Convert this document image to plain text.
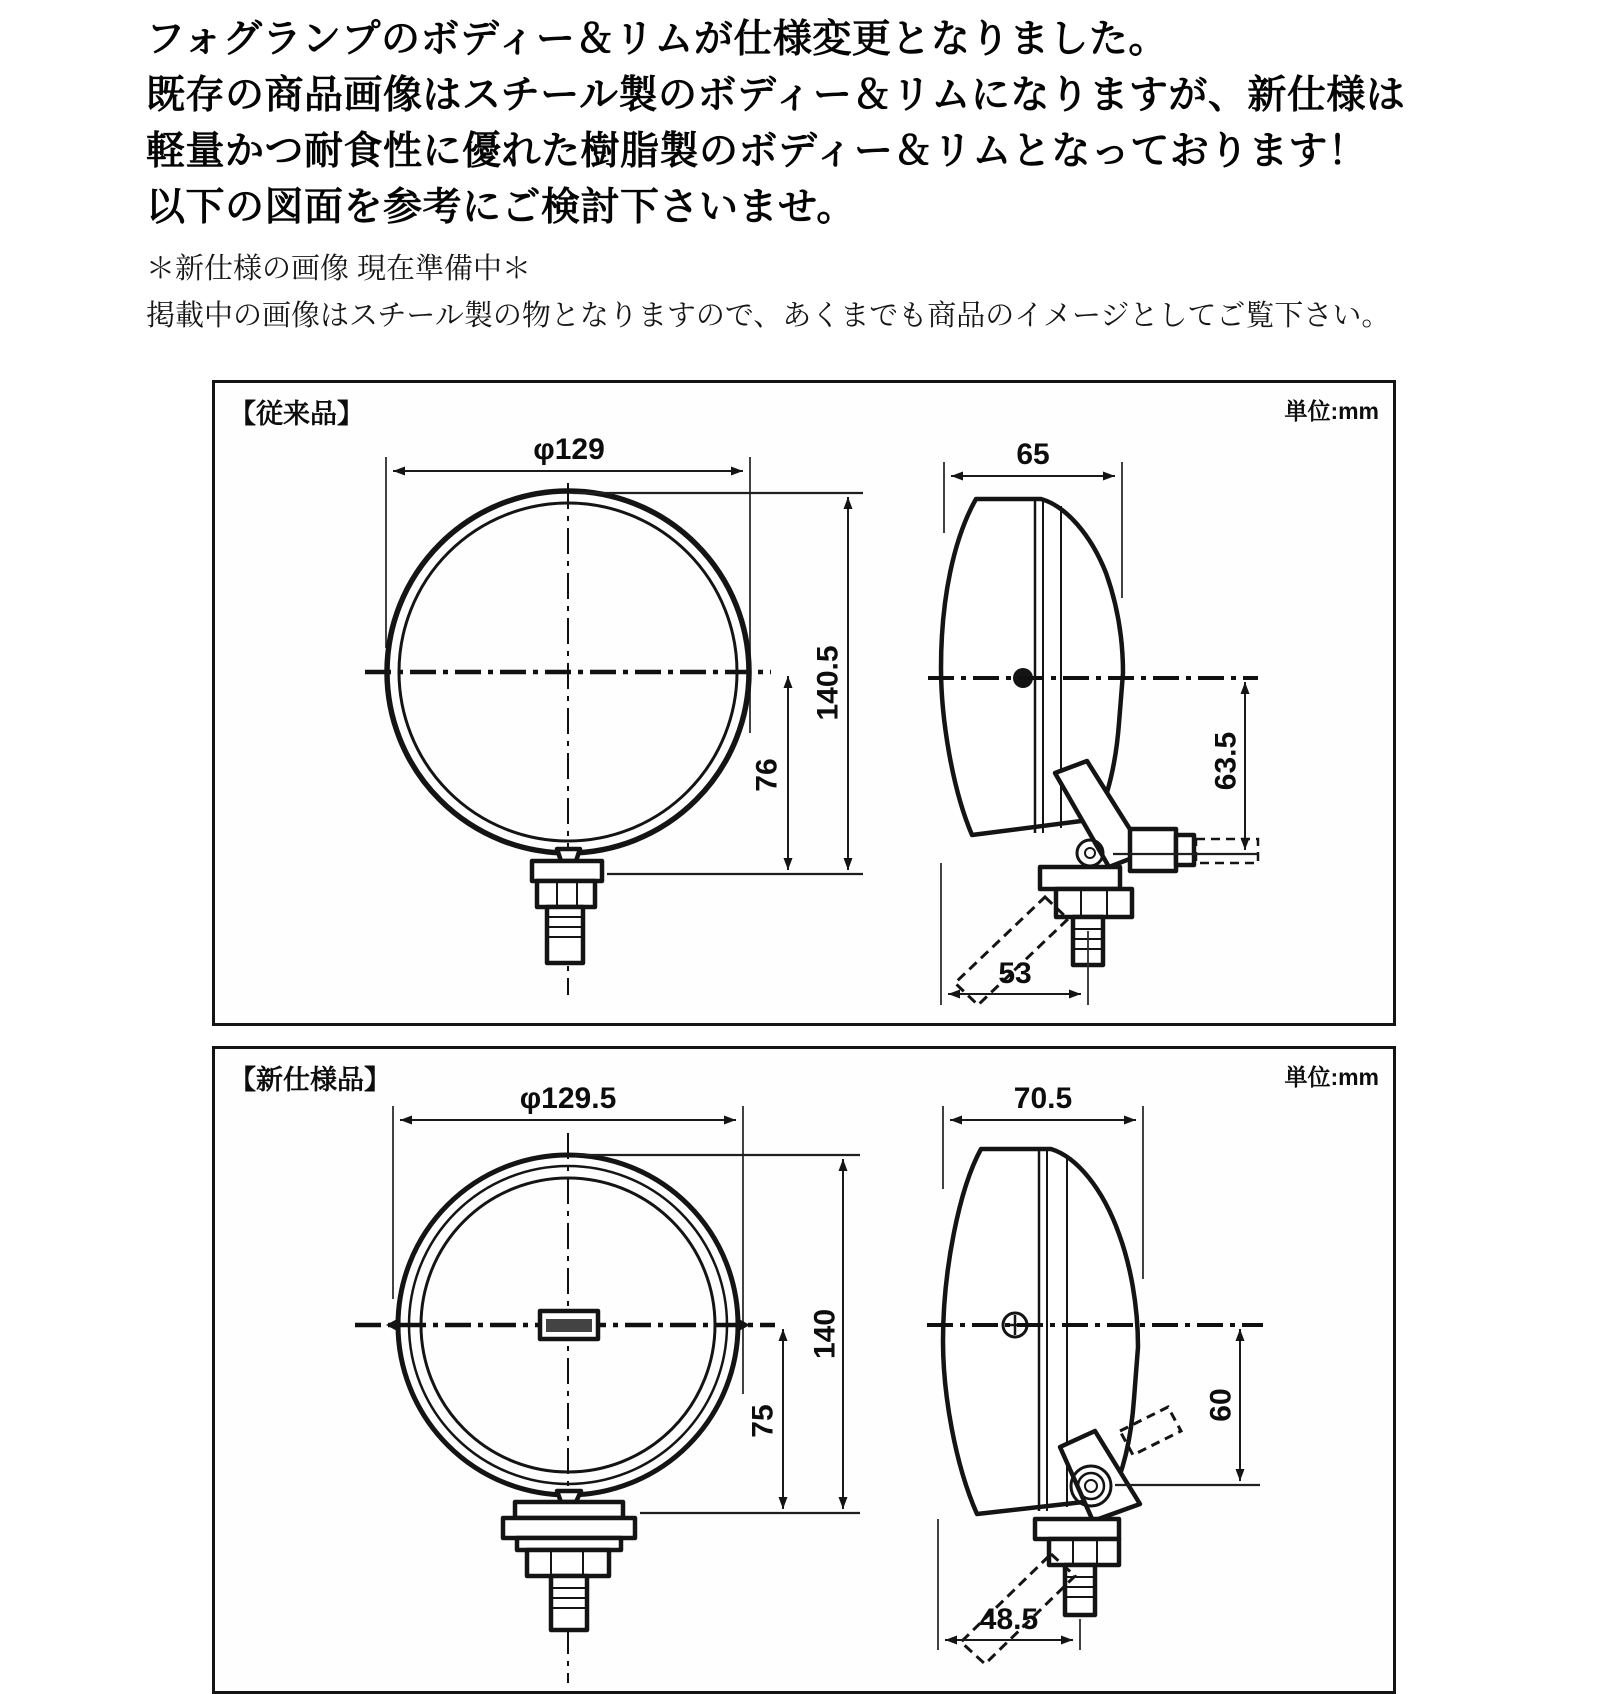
フォグランプのボディー＆リムが仕様変更となりました。
既存の商品画像はスチール製のボディー＆リムになりますが、新仕様は
軽量かつ耐食性に優れた樹脂製のボディー＆リムとなっております！
以下の図面を参考にご検討下さいませ。
＊新仕様の画像 現在準備中＊
掲載中の画像はスチール製の物となりますので、あくまでも商品のイメージとしてご覧下さい。
【従来品】	単位:mm
φ129
140.5
76
65
63.5
53
【新仕様品】	単位:mm
φ129.5
140
75
70.5
60
48.5
